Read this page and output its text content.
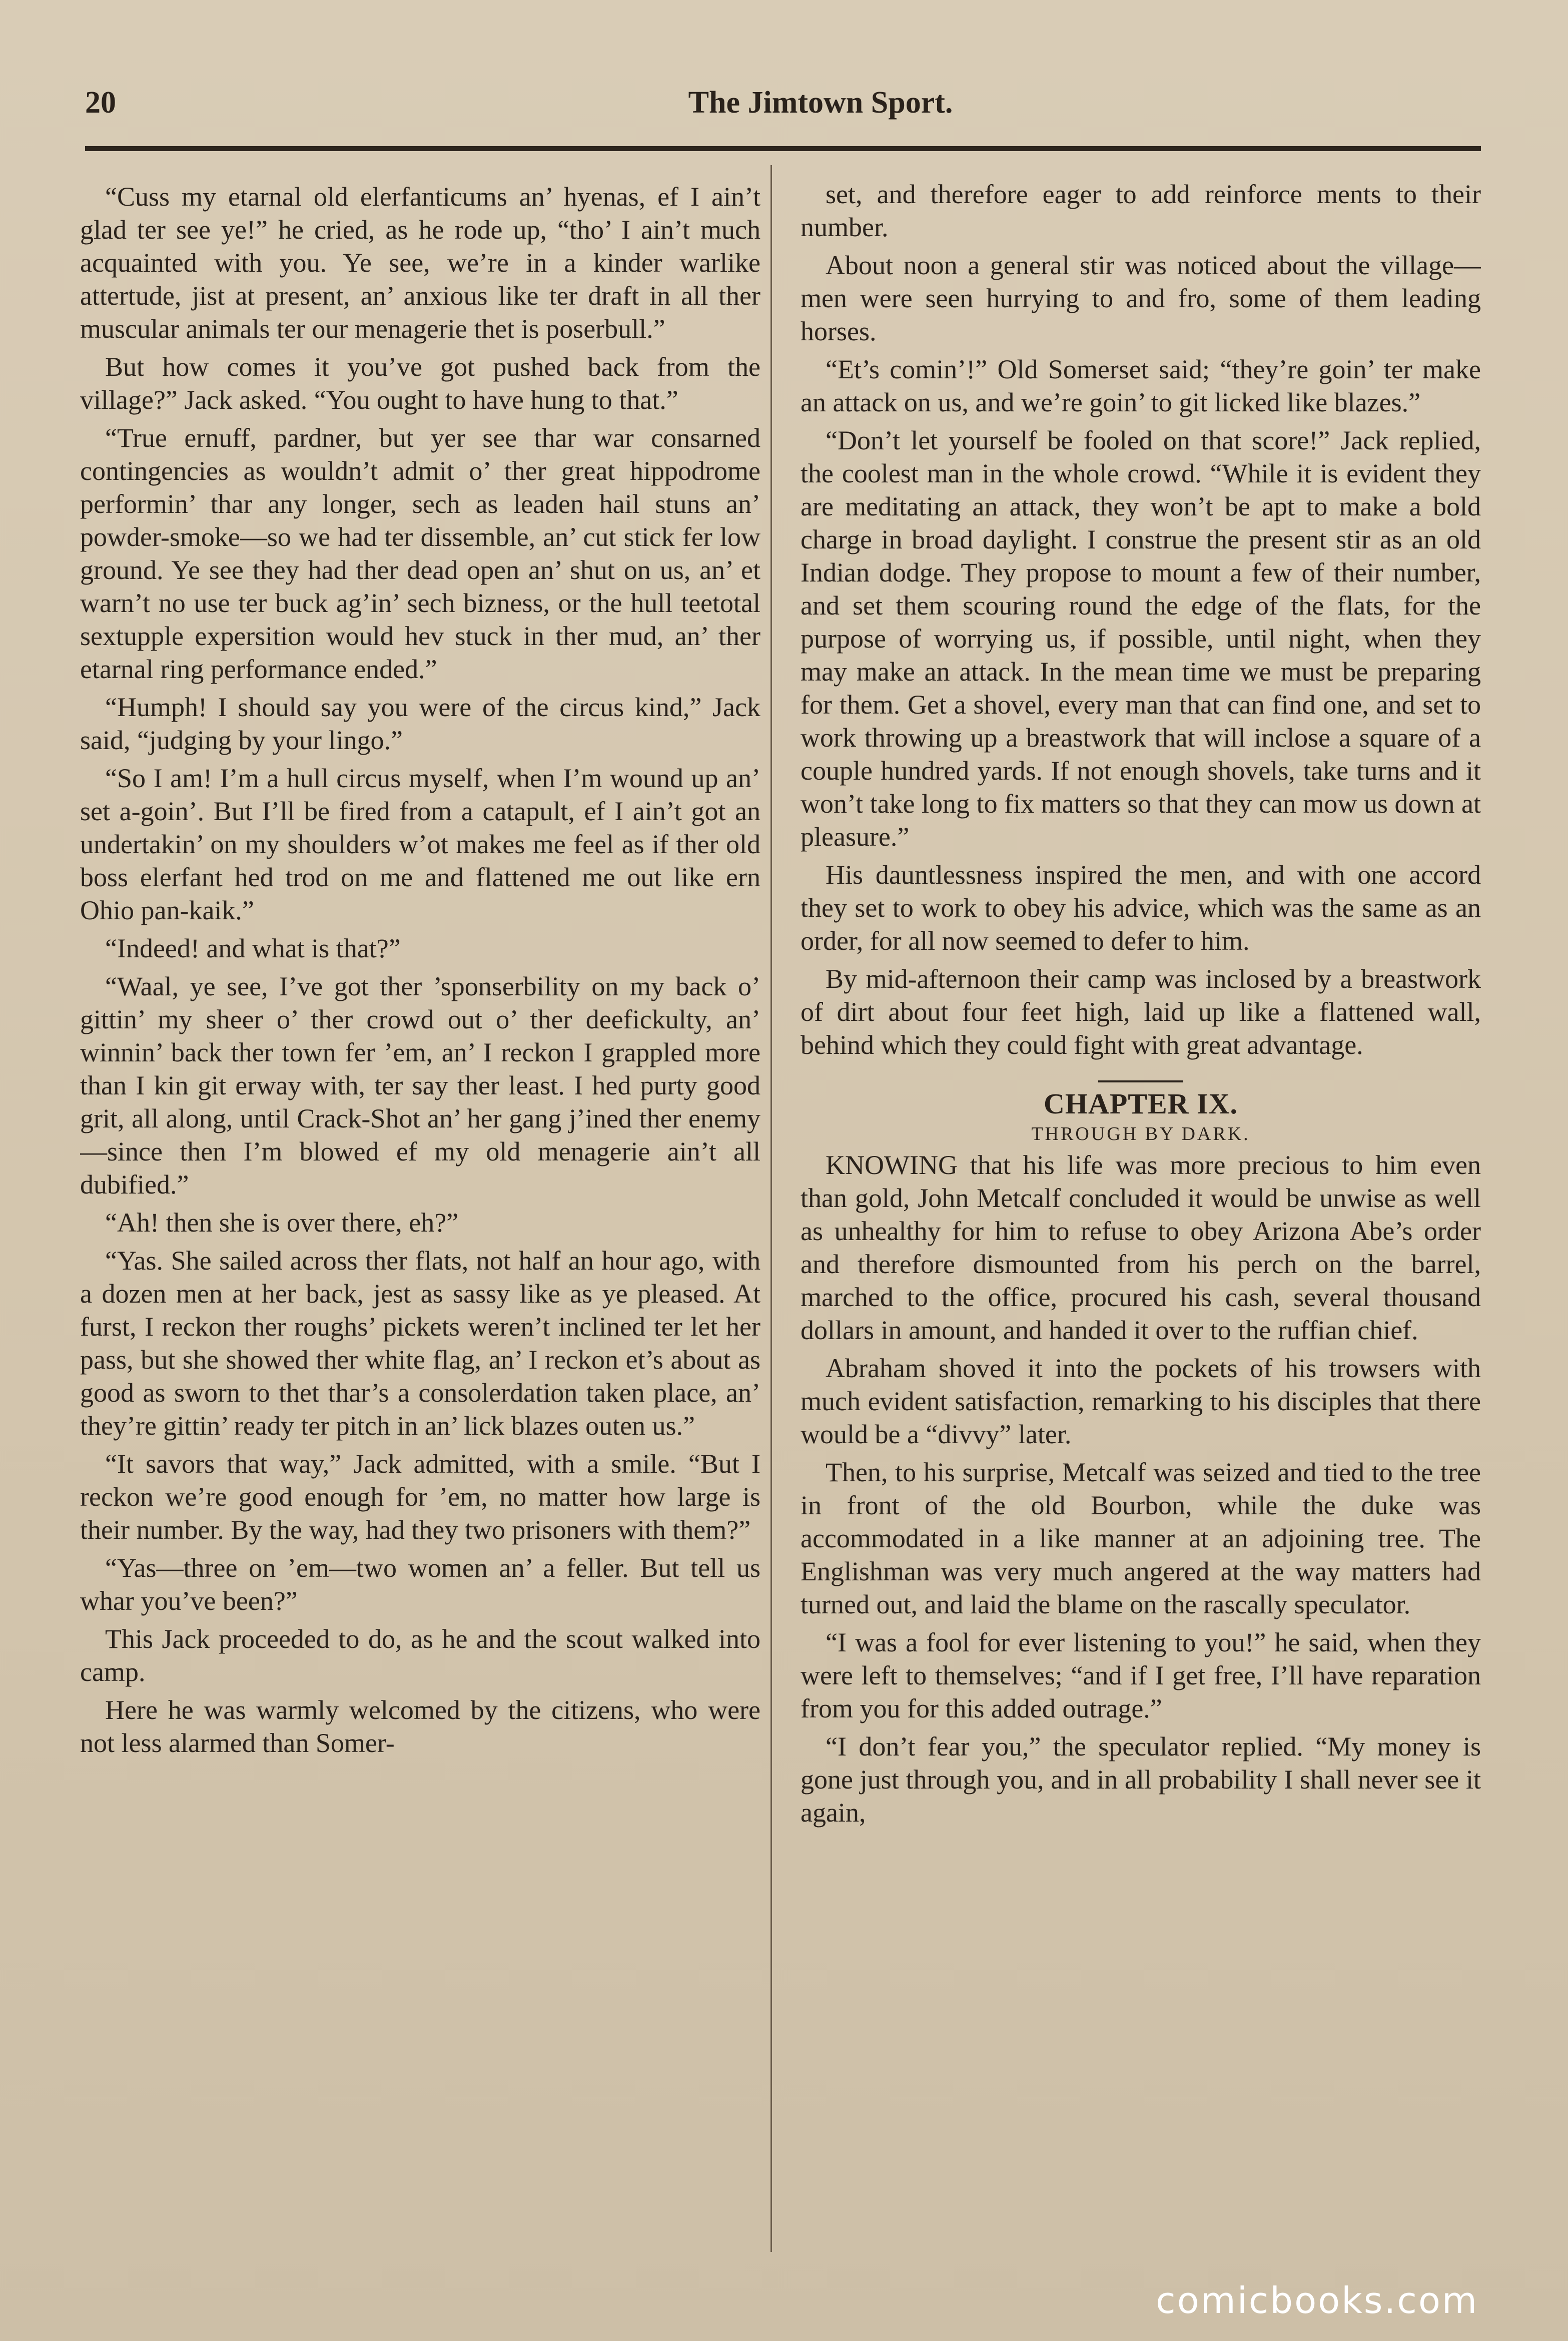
20	The Jimtown Sport.

“Cuss my etarnal old elerfanticums an’ hyenas, ef I ain’t glad ter see ye!” he cried, as he rode up, “tho’ I ain’t much acquainted with you. Ye see, we’re in a kinder warlike attertude, jist at present, an’ anxious like ter draft in all ther muscular animals ter our menagerie thet is poserbull.”

But how comes it you’ve got pushed back from the village?” Jack asked. “You ought to have hung to that.”

“True ernuff, pardner, but yer see thar war consarned contingencies as wouldn’t admit o’ ther great hippodrome performin’ thar any longer, sech as leaden hail stuns an’ powder-smoke—so we had ter dissemble, an’ cut stick fer low ground. Ye see they had ther dead open an’ shut on us, an’ et warn’t no use ter buck ag’in’ sech bizness, or the hull teetotal sextupple expersition would hev stuck in ther mud, an’ ther etarnal ring performance ended.”

“Humph! I should say you were of the circus kind,” Jack said, “judging by your lingo.”

“So I am! I’m a hull circus myself, when I’m wound up an’ set a-goin’. But I’ll be fired from a catapult, ef I ain’t got an undertakin’ on my shoulders w’ot makes me feel as if ther old boss elerfant hed trod on me and flattened me out like ern Ohio pan-kaik.”

“Indeed! and what is that?”

“Waal, ye see, I’ve got ther ’sponserbility on my back o’ gittin’ my sheer o’ ther crowd out o’ ther deefickulty, an’ winnin’ back ther town fer ’em, an’ I reckon I grappled more than I kin git erway with, ter say ther least. I hed purty good grit, all along, until Crack-Shot an’ her gang j’ined ther enemy—since then I’m blowed ef my old menagerie ain’t all dubified.”

“Ah! then she is over there, eh?”

“Yas. She sailed across ther flats, not half an hour ago, with a dozen men at her back, jest as sassy like as ye pleased. At furst, I reckon ther roughs’ pickets weren’t inclined ter let her pass, but she showed ther white flag, an’ I reckon et’s about as good as sworn to thet thar’s a consolerdation taken place, an’ they’re gittin’ ready ter pitch in an’ lick blazes outen us.”

“It savors that way,” Jack admitted, with a smile. “But I reckon we’re good enough for ’em, no matter how large is their number. By the way, had they two prisoners with them?”

“Yas—three on ’em—two women an’ a feller. But tell us whar you’ve been?”

This Jack proceeded to do, as he and the scout walked into camp.

Here he was warmly welcomed by the citizens, who were not less alarmed than Somer-

set, and therefore eager to add reinforce ments to their number.

About noon a general stir was noticed about the village—men were seen hurrying to and fro, some of them leading horses.

“Et’s comin’!” Old Somerset said; “they’re goin’ ter make an attack on us, and we’re goin’ to git licked like blazes.”

“Don’t let yourself be fooled on that score!” Jack replied, the coolest man in the whole crowd. “While it is evident they are meditating an attack, they won’t be apt to make a bold charge in broad daylight. I construe the present stir as an old Indian dodge. They propose to mount a few of their number, and set them scouring round the edge of the flats, for the purpose of worrying us, if possible, until night, when they may make an attack. In the mean time we must be preparing for them. Get a shovel, every man that can find one, and set to work throwing up a breastwork that will inclose a square of a couple hundred yards. If not enough shovels, take turns and it won’t take long to fix matters so that they can mow us down at pleasure.”

His dauntlessness inspired the men, and with one accord they set to work to obey his advice, which was the same as an order, for all now seemed to defer to him.

By mid-afternoon their camp was inclosed by a breastwork of dirt about four feet high, laid up like a flattened wall, behind which they could fight with great advantage.

CHAPTER IX.
THROUGH BY DARK.

KNOWING that his life was more precious to him even than gold, John Metcalf concluded it would be unwise as well as unhealthy for him to refuse to obey Arizona Abe’s order and therefore dismounted from his perch on the barrel, marched to the office, procured his cash, several thousand dollars in amount, and handed it over to the ruffian chief.

Abraham shoved it into the pockets of his trowsers with much evident satisfaction, remarking to his disciples that there would be a “divvy” later.

Then, to his surprise, Metcalf was seized and tied to the tree in front of the old Bourbon, while the duke was accommodated in a like manner at an adjoining tree. The Englishman was very much angered at the way matters had turned out, and laid the blame on the rascally speculator.

“I was a fool for ever listening to you!” he said, when they were left to themselves; “and if I get free, I’ll have reparation from you for this added outrage.”

“I don’t fear you,” the speculator replied. “My money is gone just through you, and in all probability I shall never see it again,

comicbooks.com
